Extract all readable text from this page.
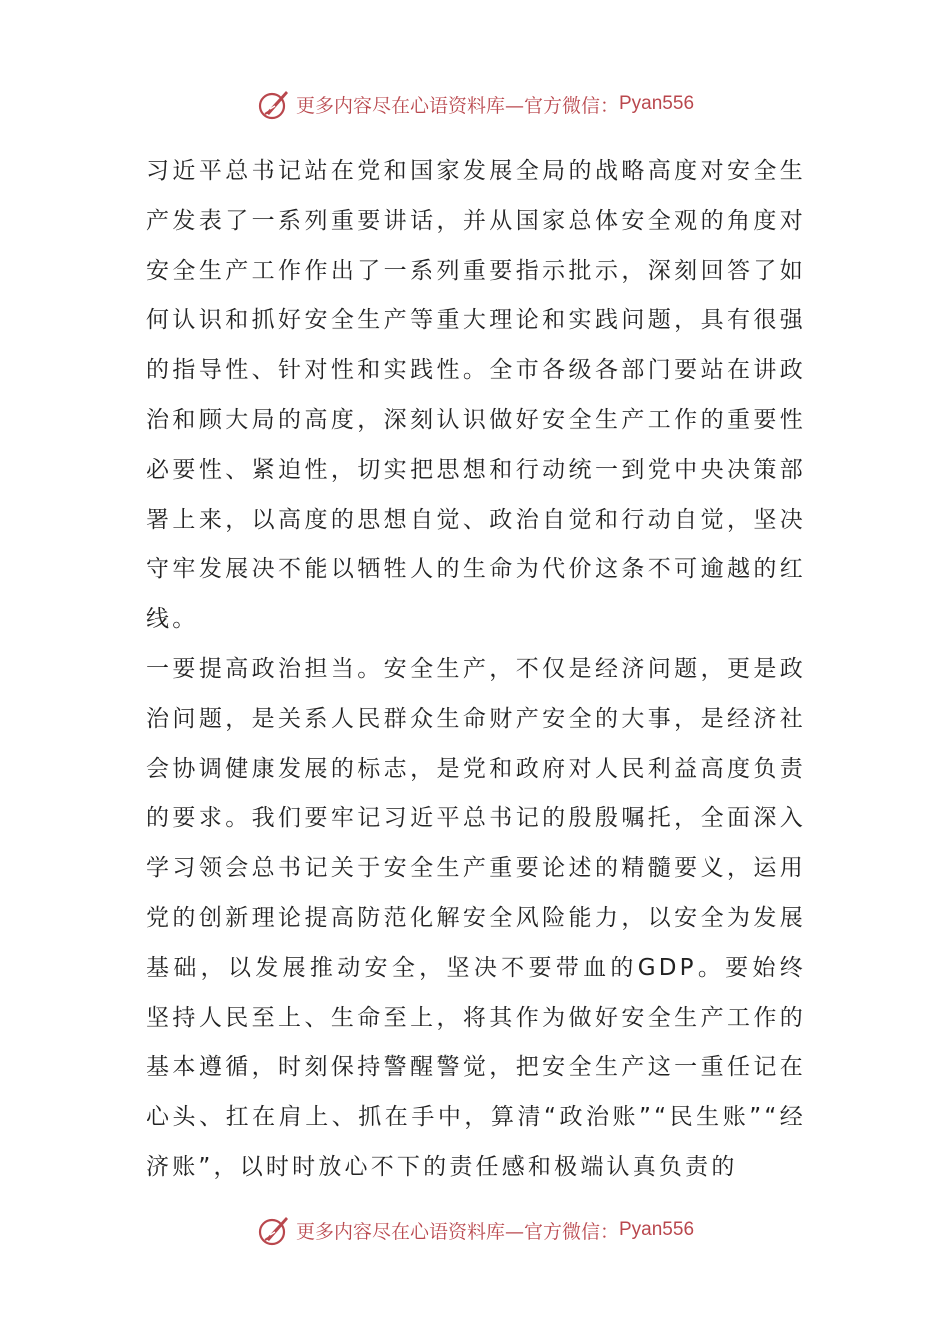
更多内容尽在心语资料库—官方微信： Pyan556

习近平总书记站在党和国家发展全局的战略高度对安全生产发表了一系列重要讲话，并从国家总体安全观的角度对安全生产工作作出了一系列重要指示批示，深刻回答了如何认识和抓好安全生产等重大理论和实践问题，具有很强的指导性、针对性和实践性。全市各级各部门要站在讲政治和顾大局的高度，深刻认识做好安全生产工作的重要性必要性、紧迫性，切实把思想和行动统一到党中央决策部署上来，以高度的思想自觉、政治自觉和行动自觉，坚决守牢发展决不能以牺牲人的生命为代价这条不可逾越的红线。

一要提高政治担当。安全生产，不仅是经济问题，更是政治问题，是关系人民群众生命财产安全的大事，是经济社会协调健康发展的标志，是党和政府对人民利益高度负责的要求。我们要牢记习近平总书记的殷殷嘱托，全面深入学习领会总书记关于安全生产重要论述的精髓要义，运用党的创新理论提高防范化解安全风险能力，以安全为发展基础，以发展推动安全，坚决不要带血的GDP。要始终坚持人民至上、生命至上，将其作为做好安全生产工作的基本遵循，时刻保持警醒警觉，把安全生产这一重任记在心头、扛在肩上、抓在手中，算清“政治账”“民生账”“经济账”，以时时放心不下的责任感和极端认真负责的

更多内容尽在心语资料库—官方微信： Pyan556
